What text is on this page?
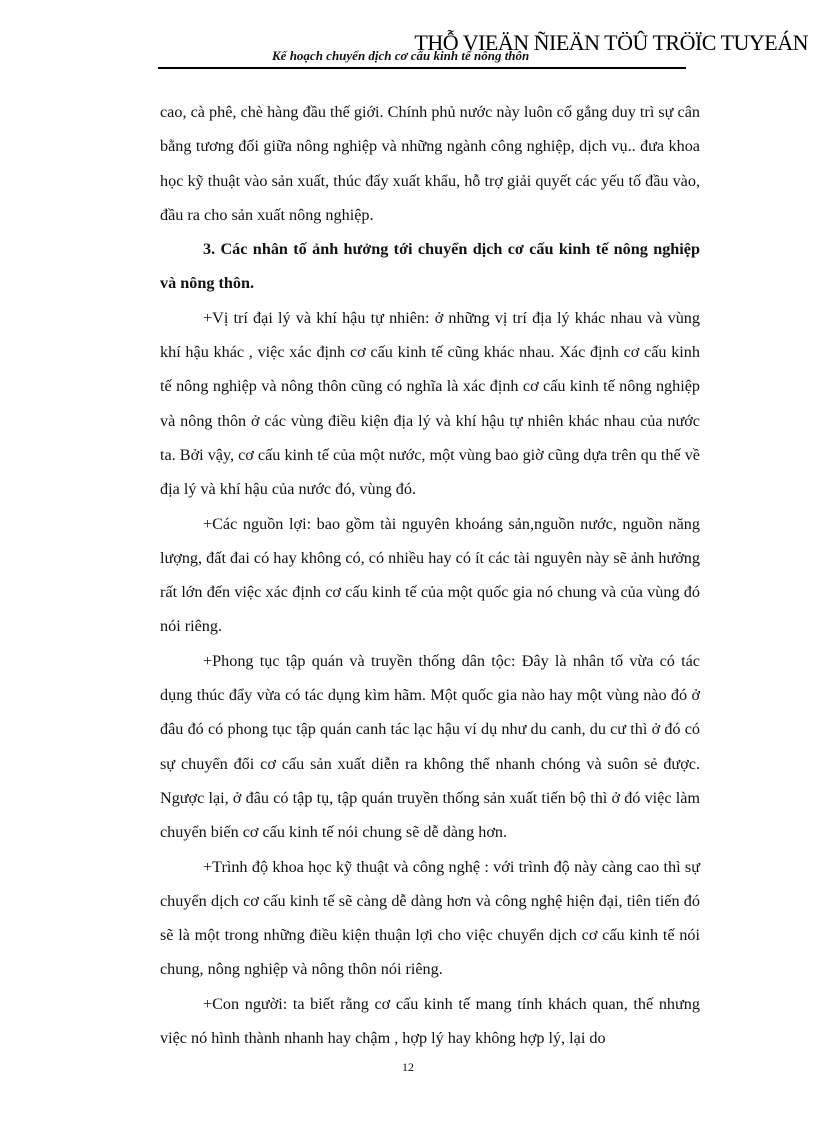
THỖ VIEÄN ÑIEÄN TÖÛ TRÖÏC TUYEÁN
Kế hoạch chuyển dịch cơ cấu kinh tế nông thôn

cao, cà phê, chè hàng đầu thế giới. Chính phủ nước này luôn cố gắng duy trì sự cân bằng tương đối giữa nông nghiệp và những ngành công nghiệp, dịch vụ.. đưa khoa học kỹ thuật vào sản xuất, thúc đẩy xuất khẩu, hỗ trợ giải quyết các yếu tố đầu vào, đầu ra cho sản xuất nông nghiệp.

3. Các nhân tố ảnh hưởng tới chuyển dịch cơ cấu kinh tế nông nghiệp và nông thôn.

+Vị trí đại lý và khí hậu tự nhiên: ở những vị trí địa lý khác nhau và vùng khí hậu khác , việc xác định cơ cấu kinh tế cũng khác nhau. Xác định cơ cấu kinh tế nông nghiệp và nông thôn cũng có nghĩa là xác định cơ cấu kinh tế nông nghiệp và nông thôn ở các vùng điều kiện địa lý và khí hậu tự nhiên khác nhau của nước ta. Bởi vậy, cơ cấu kinh tế của một nước, một vùng bao giờ cũng dựa trên qu thế về địa lý và khí hậu của nước đó, vùng đó.

+Các nguồn lợi: bao gồm tài nguyên khoáng sản,nguồn nước, nguồn năng lượng, đất đai có hay không có, có nhiều hay có ít các tài nguyên này sẽ ảnh hưởng rất lớn đến việc xác định cơ cấu kinh tế của một quốc gia nó chung và của vùng đó nói riêng.

+Phong tục tập quán và truyền thống dân tộc: Đây là nhân tố vừa có tác dụng thúc đẩy vừa có tác dụng kìm hãm. Một quốc gia nào hay một vùng nào đó ở đâu đó có phong tục tập quán canh tác lạc hậu ví dụ như du canh, du cư thì ở đó có sự chuyển đổi cơ cấu sản xuất diễn ra không thể nhanh chóng và suôn sẻ được. Ngược lại, ở đâu có tập tụ, tập quán truyền thống sản xuất tiến bộ thì ở đó việc làm chuyển biến cơ cấu kinh tế nói chung sẽ dễ dàng hơn.

+Trình độ khoa học kỹ thuật và công nghệ : với trình độ này càng cao thì sự chuyển dịch cơ cấu kinh tế sẽ càng dễ dàng hơn và công nghệ hiện đại, tiên tiến đó sẽ là một trong những điều kiện thuận lợi cho việc chuyển dịch cơ cấu kinh tế nói chung, nông nghiệp và nông thôn nói riêng.

+Con người: ta biết rằng cơ cấu kinh tế mang tính khách quan, thế nhưng việc nó hình thành nhanh hay chậm , hợp lý hay không hợp lý, lại do

12
